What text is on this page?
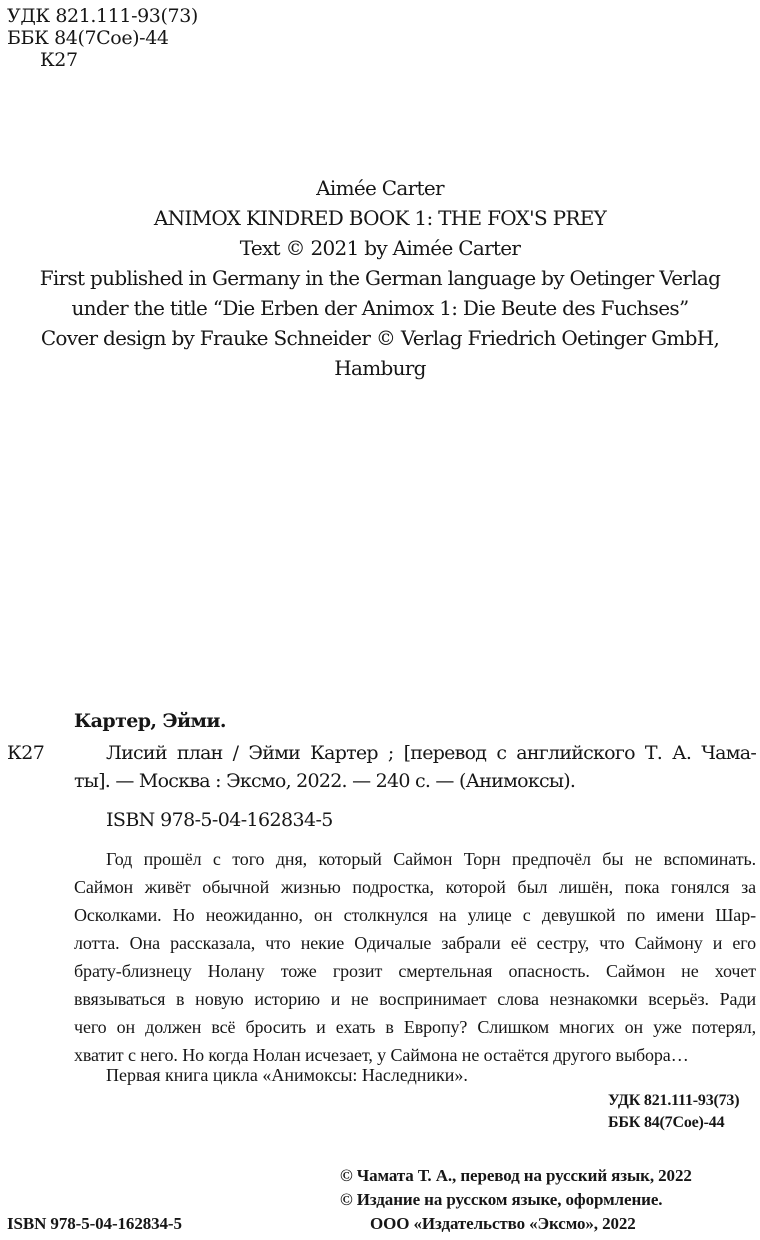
УДК 821.111-93(73)
ББК 84(7Сое)-44
К27
Aimée Carter
ANIMOX KINDRED BOOK 1: THE FOX'S PREY
Text © 2021 by Aimée Carter
First published in Germany in the German language by Oetinger Verlag
under the title “Die Erben der Animox 1: Die Beute des Fuchses”
Cover design by Frauke Schneider © Verlag Friedrich Oetinger GmbH,
Hamburg
Картер, Эйми.
К27	Лисий план / Эйми Картер ; [перевод с английского Т. А. Чама-
ты]. — Москва : Эксмо, 2022. — 240 с. — (Анимоксы).
ISBN 978-5-04-162834-5
Год прошёл с того дня, который Саймон Торн предпочёл бы не вспоминать.
Саймон живёт обычной жизнью подростка, которой был лишён, пока гонялся за
Осколками. Но неожиданно, он столкнулся на улице с девушкой по имени Шар-
лотта. Она рассказала, что некие Одичалые забрали её сестру, что Саймону и его
брату-близнецу Нолану тоже грозит смертельная опасность. Саймон не хочет
ввязываться в новую историю и не воспринимает слова незнакомки всерьёз. Ради
чего он должен всё бросить и ехать в Европу? Слишком многих он уже потерял,
хватит с него. Но когда Нолан исчезает, у Саймона не остаётся другого выбора…
Первая книга цикла «Анимоксы: Наследники».
УДК 821.111-93(73)
ББК 84(7Сое)-44
© Чамата Т. А., перевод на русский язык, 2022
© Издание на русском языке, оформление.
ООО «Издательство «Эксмо», 2022
ISBN 978-5-04-162834-5
